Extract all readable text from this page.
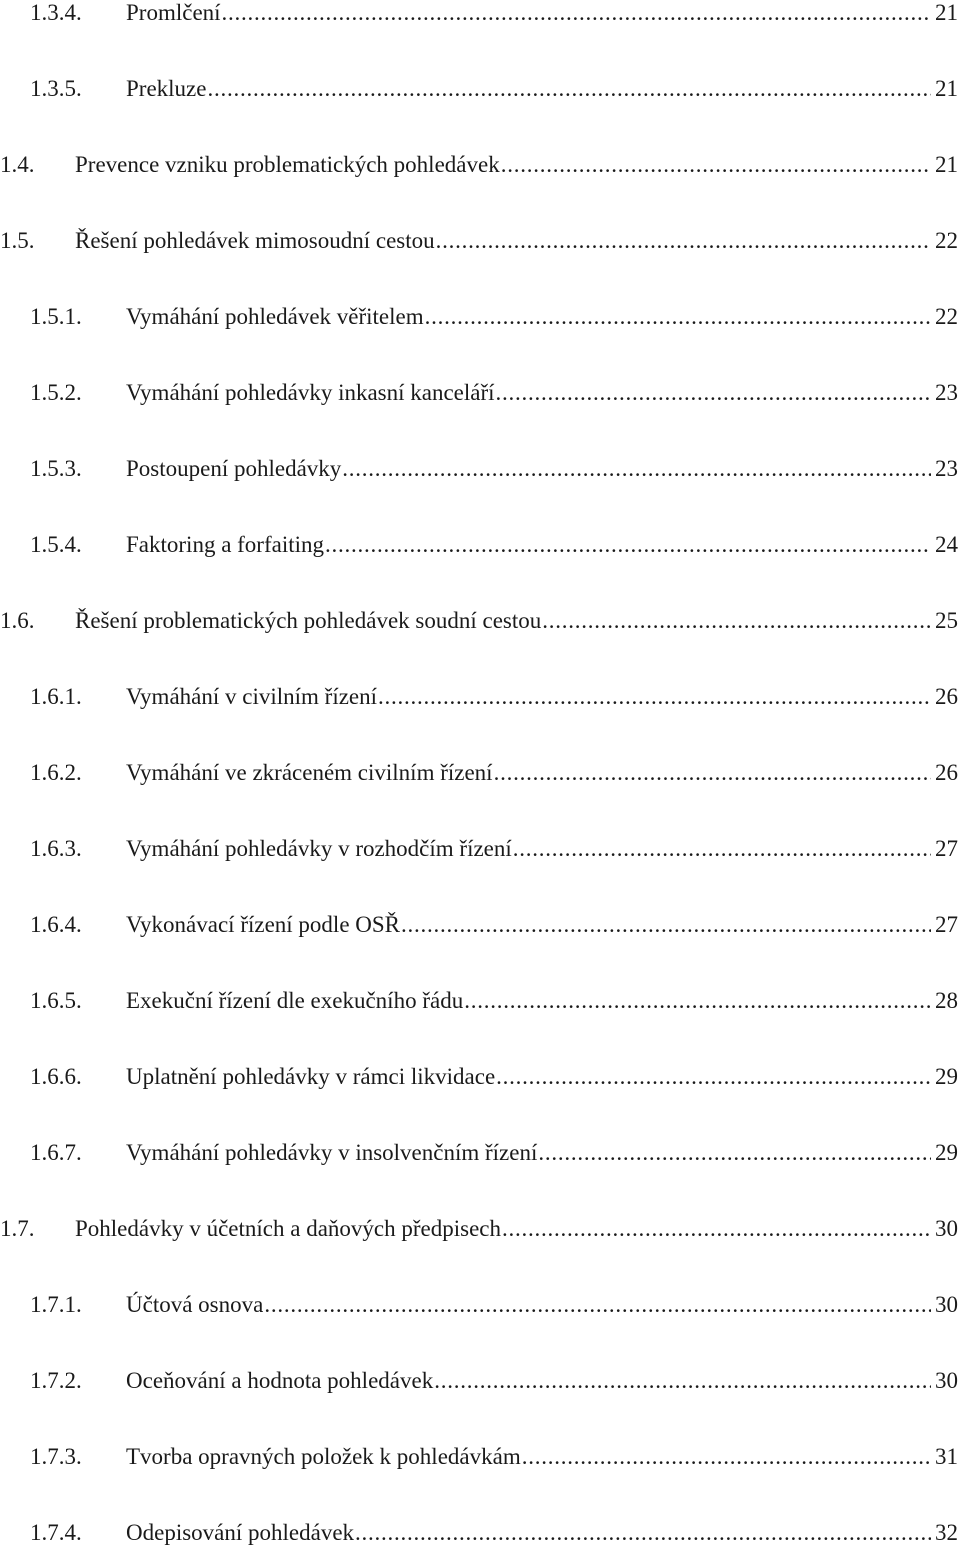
1.3.4. Promlčení . . .	21
1.3.5. Prekluze . . .	21
1.4. Prevence vzniku problematických pohledávek . . .	21
1.5. Řešení pohledávek mimosoudní cestou . . .	22
1.5.1. Vymáhání pohledávek věřitelem . . .	22
1.5.2. Vymáhání pohledávky inkasní kanceláří . . .	23
1.5.3. Postoupení pohledávky . . .	23
1.5.4. Faktoring a forfaiting . . .	24
1.6. Řešení problematických pohledávek soudní cestou . . .	25
1.6.1. Vymáhání v civilním řízení . . .	26
1.6.2. Vymáhání ve zkráceném civilním řízení . . .	26
1.6.3. Vymáhání pohledávky v rozhodčím řízení . . .	27
1.6.4. Vykonávací řízení podle OSŘ . . .	27
1.6.5. Exekuční řízení dle exekučního řádu . . .	28
1.6.6. Uplatnění pohledávky v rámci likvidace . . .	29
1.6.7. Vymáhání pohledávky v insolvenčním řízení . . .	29
1.7. Pohledávky v účetních a daňových předpisech . . .	30
1.7.1. Účtová osnova . . .	30
1.7.2. Oceňování a hodnota pohledávek . . .	30
1.7.3. Tvorba opravných položek k pohledávkám . . .	31
1.7.4. Odepisování pohledávek . . .	32
